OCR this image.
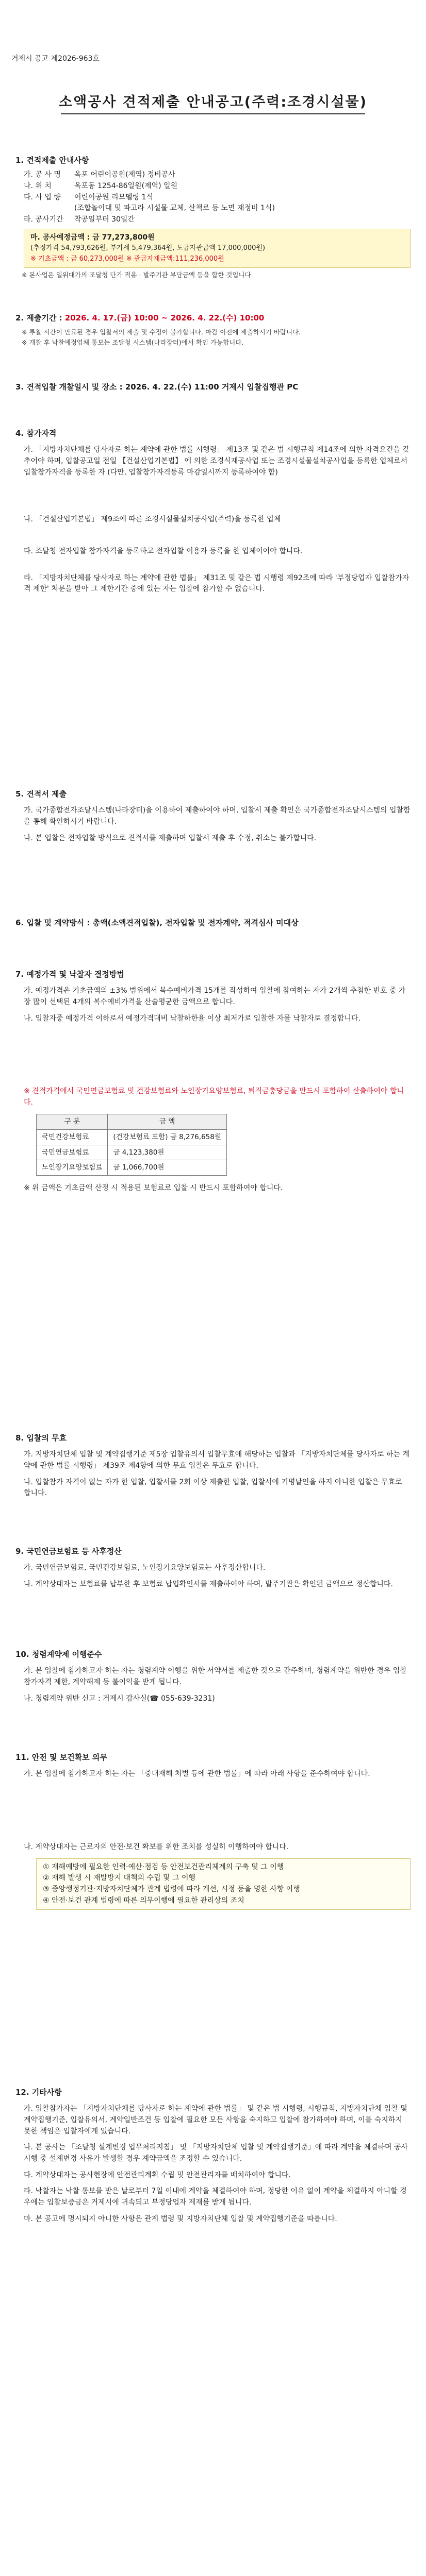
거제시 공고 제2026-963호
소액공사 견적제출 안내공고(주력:조경시설물)
1. 견적제출 안내사항
가. 공 사 명	옥포 어린이공원(제역) 정비공사
나. 위 치	옥포동 1254-86일원(제역) 일원
다. 사 업 량	어린이공원 리모델링 1식
(조합놀이대 및 파고라 시설물 교체, 산책로 등 노면 재정비 1식)
라. 공사기간	착공일부터 30일간
마. 공사예정금액 : 금 77,273,800원
(추정가격 54,793,626원, 부가세 5,479,364원, 도급자관급액 17,000,000원)
※ 기초금액 : 금 60,273,000원 ※ 관급자재금액:111,236,000원
※ 본사업은 일위대가의 조달청 단가 적용 · 발주기관 부담금액 등을 합한 것입니다
2. 제출기간 : 2026. 4. 17.(금) 10:00 ~ 2026. 4. 22.(수) 10:00
※ 투찰 시간이 만료된 경우 입찰서의 제출 및 수정이 불가합니다. 마감 이전에 제출하시기 바랍니다.
※ 개찰 후 낙찰예정업체 통보는 조달청 시스템(나라장터)에서 확인 가능합니다.
3. 견적입찰 개찰일시 및 장소 : 2026. 4. 22.(수) 11:00 거제시 입찰집행관 PC
4. 참가자격
가. 「지방자치단체를 당사자로 하는 계약에 관한 법률 시행령」 제13조 및 같은 법 시행규칙 제14조에 의한 자격요건을 갖추어야 하며, 입찰공고일 전일 【건설산업기본법】 에 의한 조경식재공사업 또는 조경시설물설치공사업을 등록한 업체로서 입찰참가자격을 등록한 자 (다만, 입찰참가자격등록 마감일시까지 등록하여야 함)
나. 「건설산업기본법」 제9조에 따른 조경시설물설치공사업(주력)을 등록한 업체
다. 조달청 전자입찰 참가자격을 등록하고 전자입찰 이용자 등록을 한 업체이어야 합니다.
라. 「지방자치단체를 당사자로 하는 계약에 관한 법률」 제31조 및 같은 법 시행령 제92조에 따라 '부정당업자 입찰참가자격 제한' 처분을 받아 그 제한기간 중에 있는 자는 입찰에 참가할 수 없습니다.
5. 견적서 제출
가. 국가종합전자조달시스템(나라장터)을 이용하여 제출하여야 하며, 입찰서 제출 확인은 국가종합전자조달시스템의 입찰함을 통해 확인하시기 바랍니다.
나. 본 입찰은 전자입찰 방식으로 견적서를 제출하며 입찰서 제출 후 수정, 취소는 불가합니다.
6. 입찰 및 계약방식 : 총액(소액견적입찰), 전자입찰 및 전자계약, 적격심사 미대상
7. 예정가격 및 낙찰자 결정방법
가. 예정가격은 기초금액의 ±3% 범위에서 복수예비가격 15개를 작성하여 입찰에 참여하는 자가 2개씩 추첨한 번호 중 가장 많이 선택된 4개의 복수예비가격을 산술평균한 금액으로 합니다.
나. 입찰자중 예정가격 이하로서 예정가격대비 낙찰하한율 이상 최저가로 입찰한 자를 낙찰자로 결정합니다.
※ 견적가격에서 국민연금보험료 및 건강보험료와 노인장기요양보험료, 퇴직금충당금을 반드시 포함하여 산출하여야 합니다.
구 분	금 액
국민건강보험료	(건강보험료 포함) 금 8,276,658원
국민연금보험료	금 4,123,380원
노인장기요양보험료	금 1,066,700원
※ 위 금액은 기초금액 산정 시 적용된 보험료로 입찰 시 반드시 포함하여야 합니다.
8. 입찰의 무효
가. 지방자치단체 입찰 및 계약집행기준 제5장 입찰유의서 입찰무효에 해당하는 입찰과 「지방자치단체를 당사자로 하는 계약에 관한 법률 시행령」 제39조 제4항에 의한 무효 입찰은 무효로 합니다.
나. 입찰참가 자격이 없는 자가 한 입찰, 입찰서를 2회 이상 제출한 입찰, 입찰서에 기명날인을 하지 아니한 입찰은 무효로 합니다.
9. 국민연금보험료 등 사후정산
가. 국민연금보험료, 국민건강보험료, 노인장기요양보험료는 사후정산합니다.
나. 계약상대자는 보험료를 납부한 후 보험료 납입확인서를 제출하여야 하며, 발주기관은 확인된 금액으로 정산합니다.
10. 청렴계약제 이행준수
가. 본 입찰에 참가하고자 하는 자는 청렴계약 이행을 위한 서약서를 제출한 것으로 간주하며, 청렴계약을 위반한 경우 입찰참가자격 제한, 계약해제 등 불이익을 받게 됩니다.
나. 청렴계약 위반 신고 : 거제시 감사실(☎ 055-639-3231)
11. 안전 및 보건확보 의무
가. 본 입찰에 참가하고자 하는 자는 「중대재해 처벌 등에 관한 법률」에 따라 아래 사항을 준수하여야 합니다.
나. 계약상대자는 근로자의 안전·보건 확보를 위한 조치를 성실히 이행하여야 합니다.
① 재해예방에 필요한 인력·예산·점검 등 안전보건관리체계의 구축 및 그 이행
② 재해 발생 시 재발방지 대책의 수립 및 그 이행
③ 중앙행정기관·지방자치단체가 관계 법령에 따라 개선, 시정 등을 명한 사항 이행
④ 안전·보건 관계 법령에 따른 의무이행에 필요한 관리상의 조치
12. 기타사항
가. 입찰참가자는 「지방자치단체를 당사자로 하는 계약에 관한 법률」 및 같은 법 시행령, 시행규칙, 지방자치단체 입찰 및 계약집행기준, 입찰유의서, 계약일반조건 등 입찰에 필요한 모든 사항을 숙지하고 입찰에 참가하여야 하며, 이를 숙지하지 못한 책임은 입찰자에게 있습니다.
나. 본 공사는 「조달청 설계변경 업무처리지침」 및 「지방자치단체 입찰 및 계약집행기준」에 따라 계약을 체결하며 공사 시행 중 설계변경 사유가 발생할 경우 계약금액을 조정할 수 있습니다.
다. 계약상대자는 공사현장에 안전관리계획 수립 및 안전관리자를 배치하여야 합니다.
라. 낙찰자는 낙찰 통보를 받은 날로부터 7일 이내에 계약을 체결하여야 하며, 정당한 이유 없이 계약을 체결하지 아니할 경우에는 입찰보증금은 거제시에 귀속되고 부정당업자 제재를 받게 됩니다.
마. 본 공고에 명시되지 아니한 사항은 관계 법령 및 지방자치단체 입찰 및 계약집행기준을 따릅니다.
